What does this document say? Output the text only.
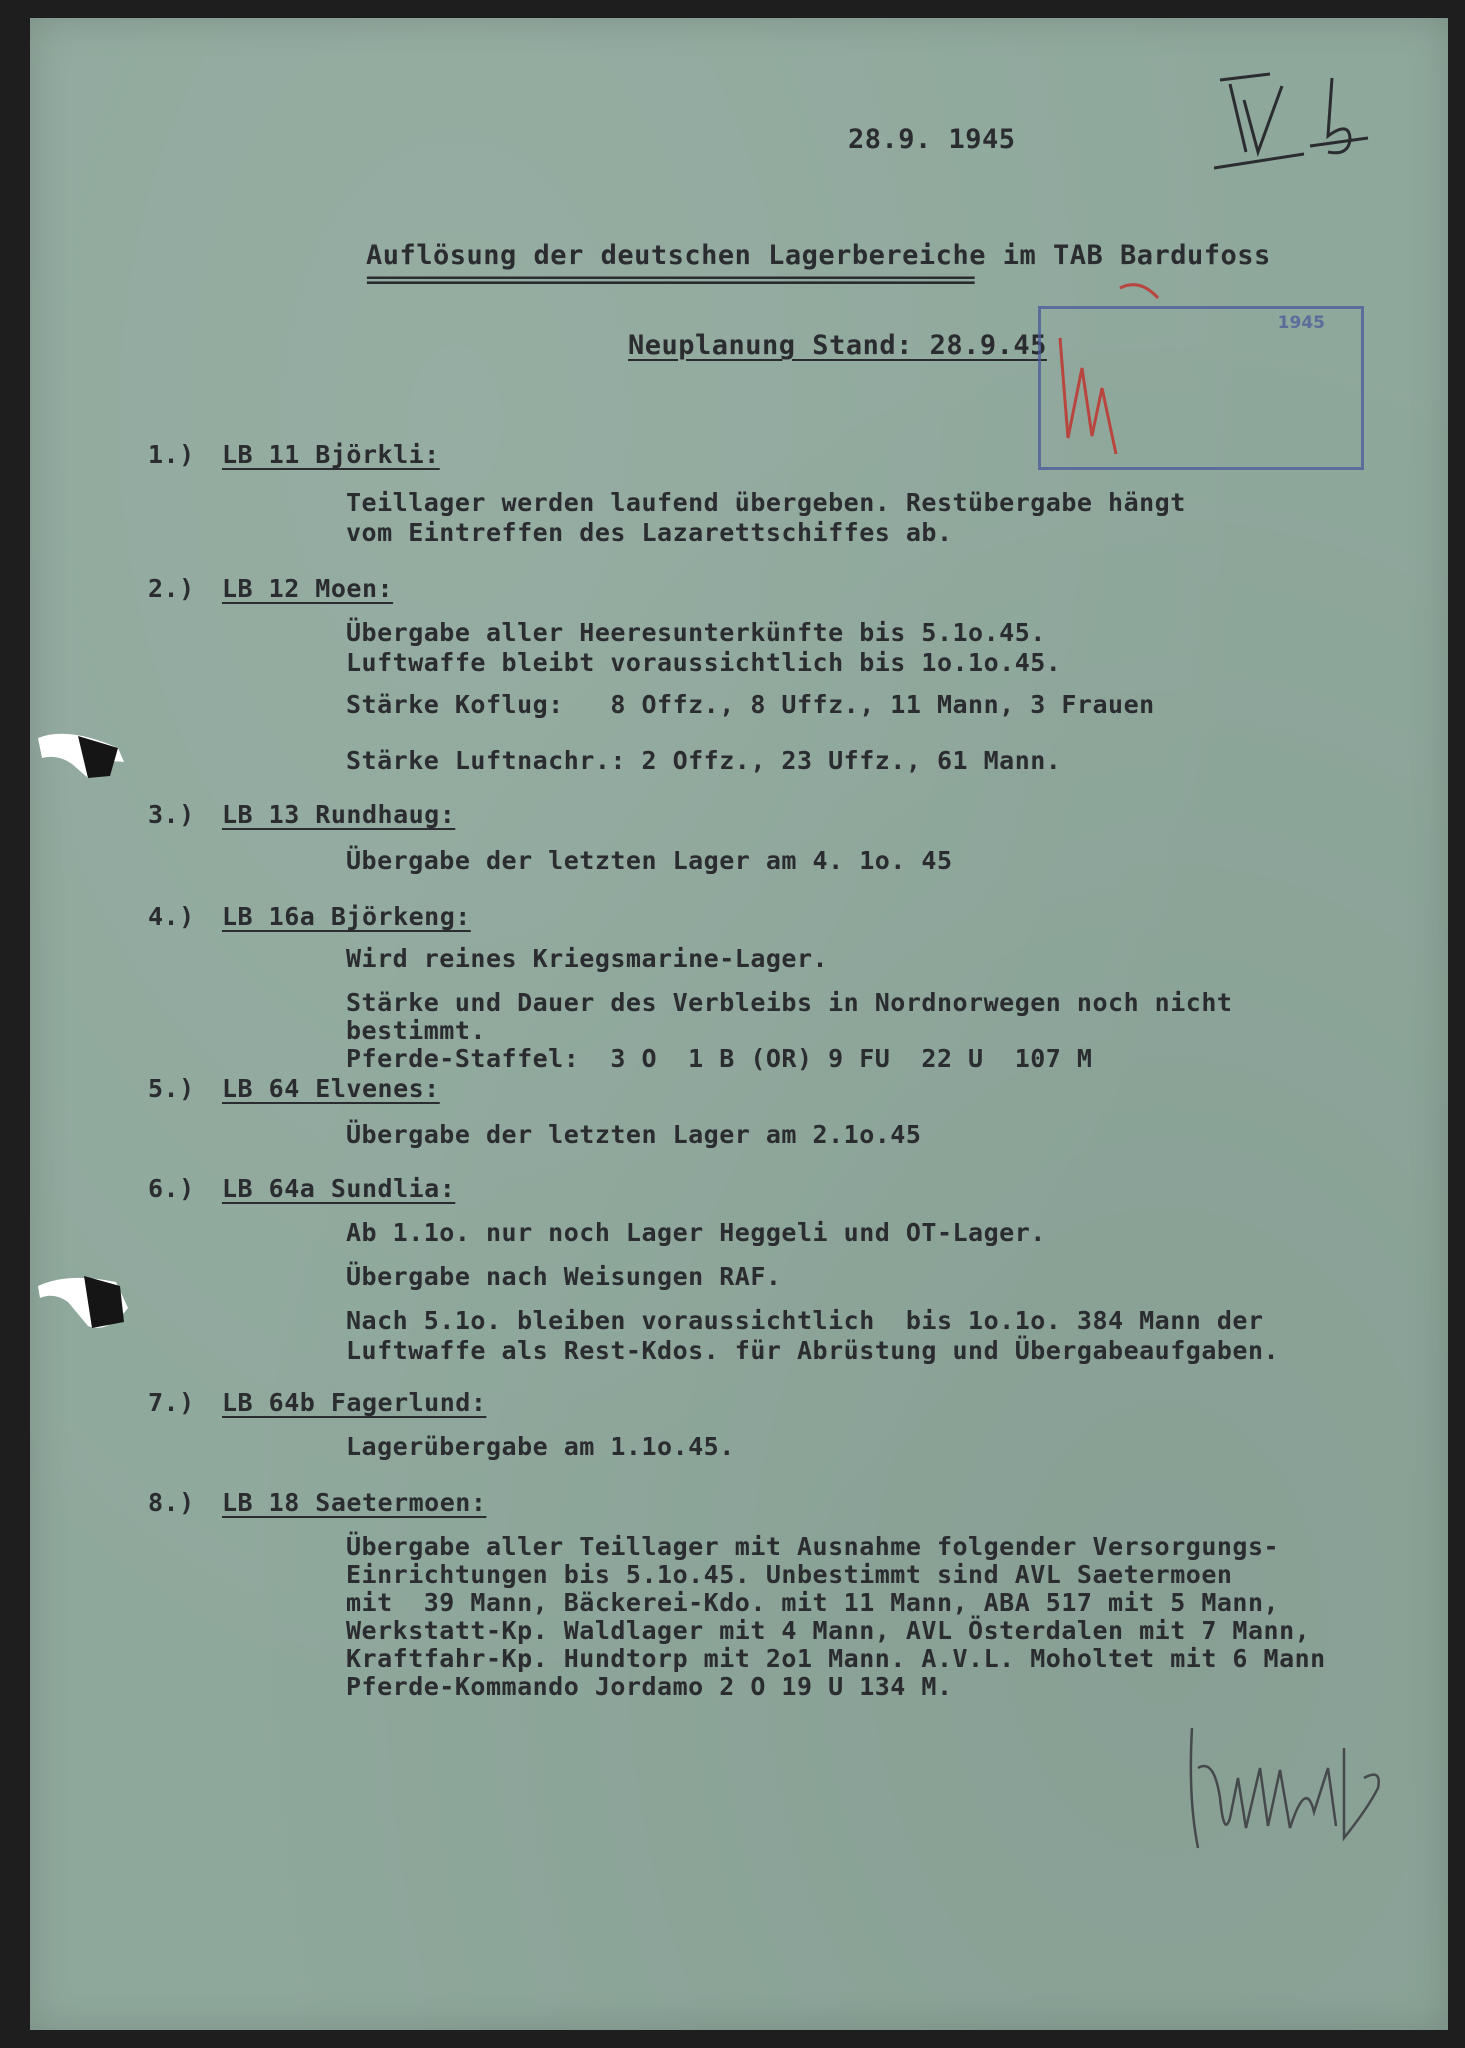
28.9. 1945
Auflösung der deutschen Lagerbereiche im TAB Bardufoss
=======================================================
Neuplanung Stand: 28.9.45
1945
1.) LB 11 Björkli:
Teillager werden laufend übergeben. Restübergabe hängt
vom Eintreffen des Lazarettschiffes ab.
2.) LB 12 Moen:
Übergabe aller Heeresunterkünfte bis 5.1o.45.
Luftwaffe bleibt voraussichtlich bis 1o.1o.45.
Stärke Koflug:   8 Offz., 8 Uffz., 11 Mann, 3 Frauen
Stärke Luftnachr.: 2 Offz., 23 Uffz., 61 Mann.
3.) LB 13 Rundhaug:
Übergabe der letzten Lager am 4. 1o. 45
4.) LB 16a Björkeng:
Wird reines Kriegsmarine-Lager.
Stärke und Dauer des Verbleibs in Nordnorwegen noch nicht
bestimmt.
Pferde-Staffel:  3 O  1 B (OR) 9 FU  22 U  107 M
5.) LB 64 Elvenes:
Übergabe der letzten Lager am 2.1o.45
6.) LB 64a Sundlia:
Ab 1.1o. nur noch Lager Heggeli und OT-Lager.
Übergabe nach Weisungen RAF.
Nach 5.1o. bleiben voraussichtlich  bis 1o.1o. 384 Mann der
Luftwaffe als Rest-Kdos. für Abrüstung und Übergabeaufgaben.
7.) LB 64b Fagerlund:
Lagerübergabe am 1.1o.45.
8.) LB 18 Saetermoen:
Übergabe aller Teillager mit Ausnahme folgender Versorgungs-
Einrichtungen bis 5.1o.45. Unbestimmt sind AVL Saetermoen
mit  39 Mann, Bäckerei-Kdo. mit 11 Mann, ABA 517 mit 5 Mann,
Werkstatt-Kp. Waldlager mit 4 Mann, AVL Österdalen mit 7 Mann,
Kraftfahr-Kp. Hundtorp mit 2o1 Mann. A.V.L. Moholtet mit 6 Mann
Pferde-Kommando Jordamo 2 O 19 U 134 M.
